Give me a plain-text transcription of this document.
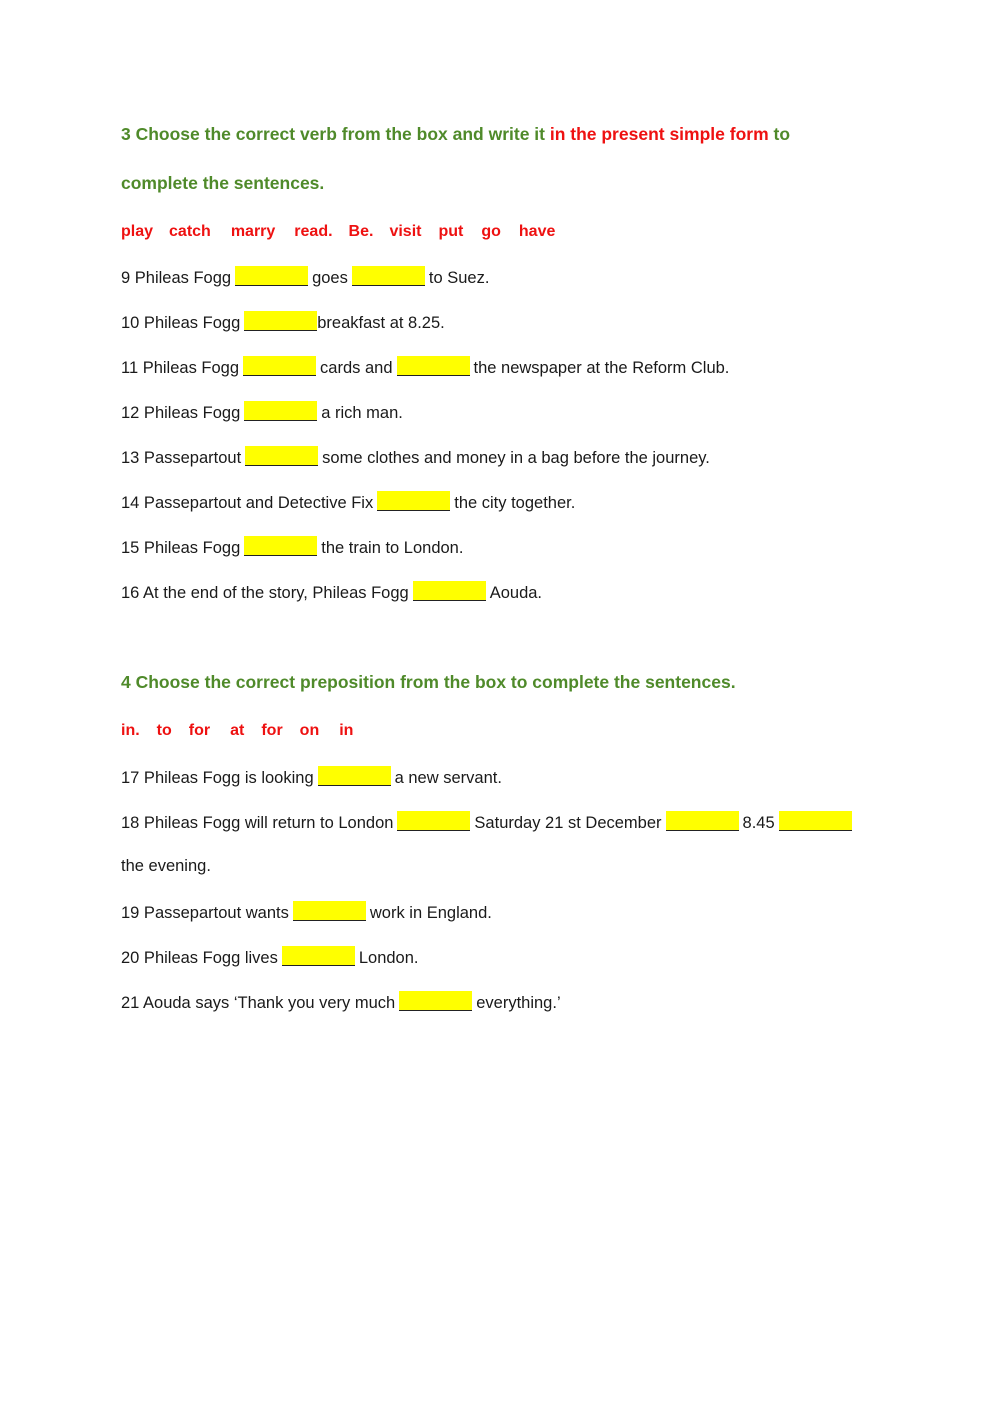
3 Choose the correct verb from the box and write it in the present simple form to
complete the sentences.
play catch marry read. Be. visit put go have
9 Phileas Fogg	goes	to Suez.
10 Phileas Fogg	breakfast at 8.25.
11 Phileas Fogg	cards and	the newspaper at the Reform Club.
12 Phileas Fogg	a rich man.
13 Passepartout	some clothes and money in a bag before the journey.
14 Passepartout and Detective Fix	the city together.
15 Phileas Fogg	the train to London.
16 At the end of the story, Phileas Fogg	Aouda.
4 Choose the correct preposition from the box to complete the sentences.
in. to for at for on in
17 Phileas Fogg is looking	a new servant.
18 Phileas Fogg will return to London	Saturday 21 st December	8.45
the evening.
19 Passepartout wants	work in England.
20 Phileas Fogg lives	London.
21 Aouda says ‘Thank you very much	everything.’
